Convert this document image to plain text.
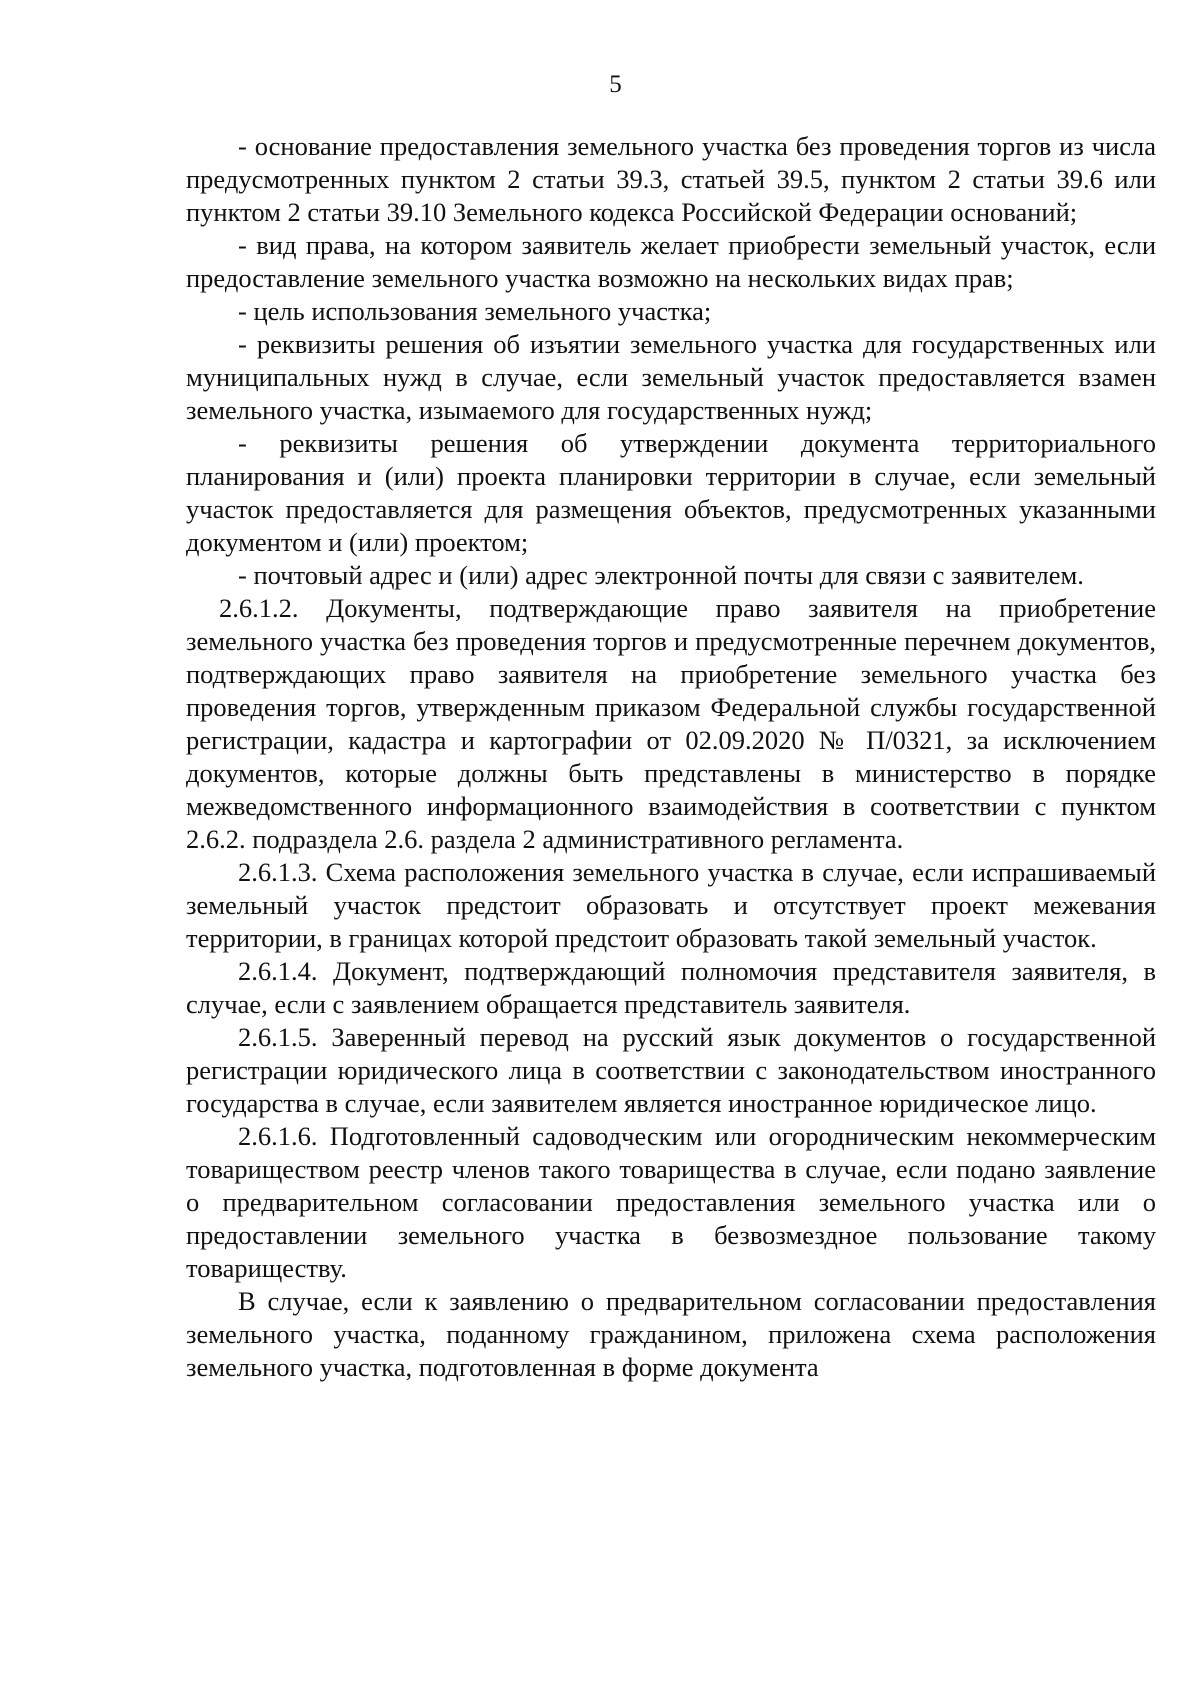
5

- основание предоставления земельного участка без проведения торгов из числа предусмотренных пунктом 2 статьи 39.3, статьей 39.5, пунктом 2 статьи 39.6 или пунктом 2 статьи 39.10 Земельного кодекса Российской Федерации оснований;

- вид права, на котором заявитель желает приобрести земельный участок, если предоставление земельного участка возможно на нескольких видах прав;

- цель использования земельного участка;

- реквизиты решения об изъятии земельного участка для государственных или муниципальных нужд в случае, если земельный участок предоставляется взамен земельного участка, изымаемого для государственных нужд;

- реквизиты решения об утверждении документа территориального планирования и (или) проекта планировки территории в случае, если земельный участок предоставляется для размещения объектов, предусмотренных указанными документом и (или) проектом;

- почтовый адрес и (или) адрес электронной почты для связи с заявителем.

2.6.1.2. Документы, подтверждающие право заявителя на приобретение земельного участка без проведения торгов и предусмотренные перечнем документов, подтверждающих право заявителя на приобретение земельного участка без проведения торгов, утвержденным приказом Федеральной службы государственной регистрации, кадастра и картографии от 02.09.2020 № П/0321, за исключением документов, которые должны быть представлены в министерство в порядке межведомственного информационного взаимодействия в соответствии с пунктом 2.6.2. подраздела 2.6. раздела 2 административного регламента.

2.6.1.3. Схема расположения земельного участка в случае, если испрашиваемый земельный участок предстоит образовать и отсутствует проект межевания территории, в границах которой предстоит образовать такой земельный участок.

2.6.1.4. Документ, подтверждающий полномочия представителя заявителя, в случае, если с заявлением обращается представитель заявителя.

2.6.1.5. Заверенный перевод на русский язык документов о государственной регистрации юридического лица в соответствии с законодательством иностранного государства в случае, если заявителем является иностранное юридическое лицо.

2.6.1.6. Подготовленный садоводческим или огородническим некоммерческим товариществом реестр членов такого товарищества в случае, если подано заявление о предварительном согласовании предоставления земельного участка или о предоставлении земельного участка в безвозмездное пользование такому товариществу.

В случае, если к заявлению о предварительном согласовании предоставления земельного участка, поданному гражданином, приложена схема расположения земельного участка, подготовленная в форме документа
